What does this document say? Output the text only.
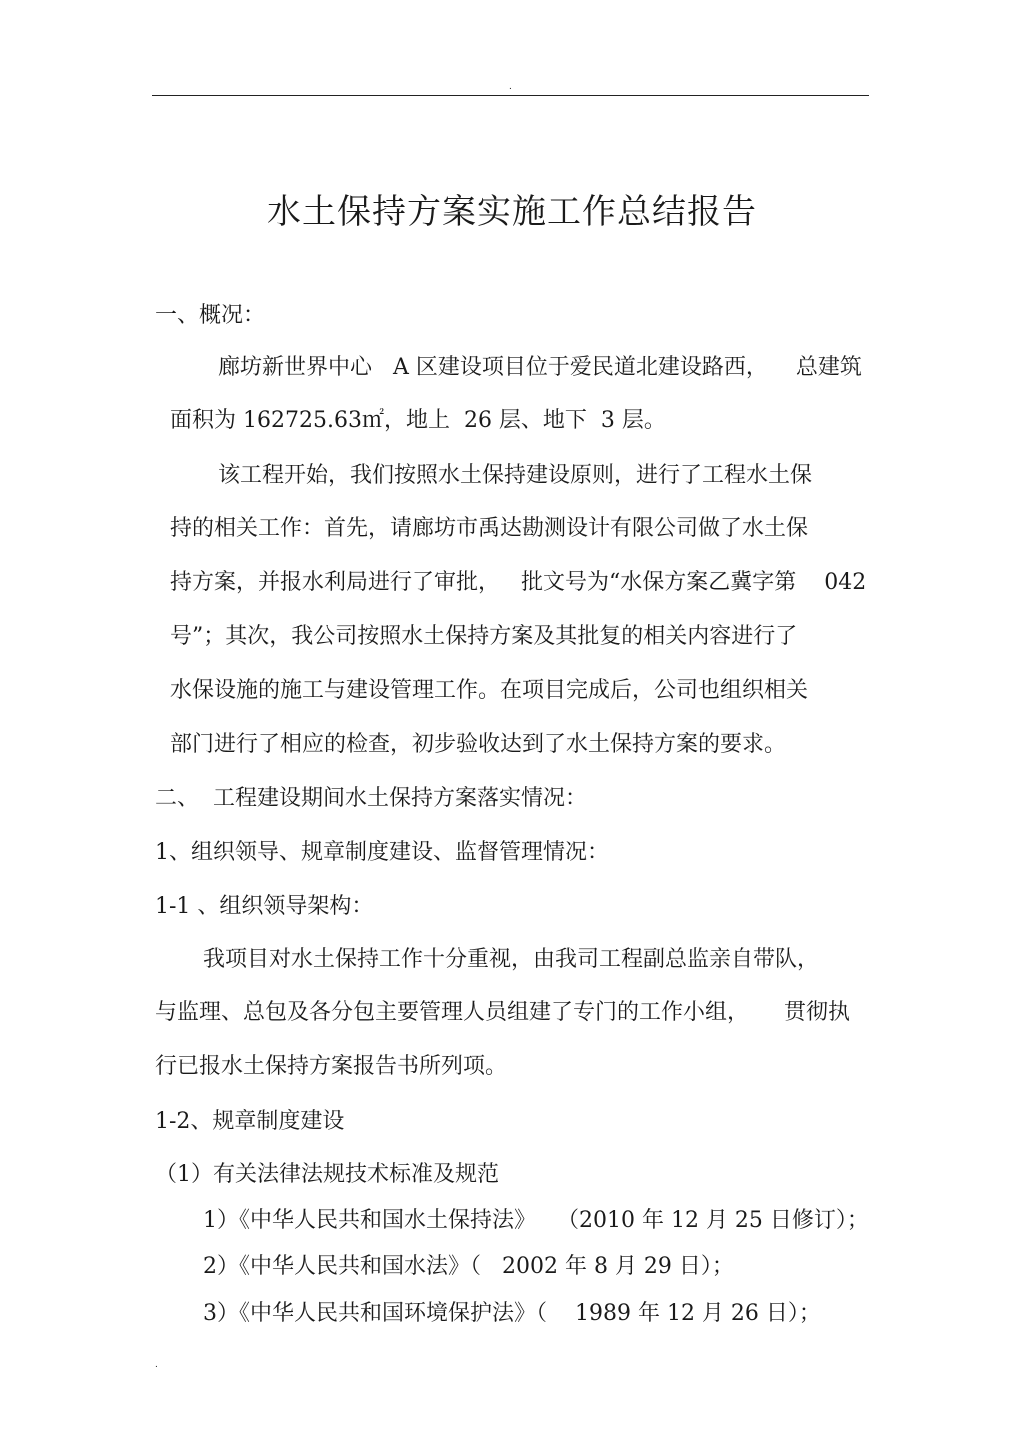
.
水土保持方案实施工作总结报告
一、概况：
廊坊新世界中心   A 区建设项目位于爱民道北建设路西，    总建筑
面积为 162725.63㎡，地上  26 层、地下  3 层。
该工程开始，我们按照水土保持建设原则，进行了工程水土保
持的相关工作：首先，请廊坊市禹达勘测设计有限公司做了水土保
持方案，并报水利局进行了审批，   批文号为“水保方案乙冀字第    042
号”；其次，我公司按照水土保持方案及其批复的相关内容进行了
水保设施的施工与建设管理工作。在项目完成后，公司也组织相关
部门进行了相应的检查，初步验收达到了水土保持方案的要求。
二、  工程建设期间水土保持方案落实情况：
1、组织领导、规章制度建设、监督管理情况：
1-1 、组织领导架构：
我项目对水土保持工作十分重视，由我司工程副总监亲自带队，
与监理、总包及各分包主要管理人员组建了专门的工作小组，     贯彻执
行已报水土保持方案报告书所列项。
1-2、规章制度建设
（1）有关法律法规技术标准及规范
1）《中华人民共和国水土保持法》   （2010 年 12 月 25 日修订）；
2）《中华人民共和国水法》（   2002 年 8 月 29 日）；
3）《中华人民共和国环境保护法》（    1989 年 12 月 26 日）；
.
